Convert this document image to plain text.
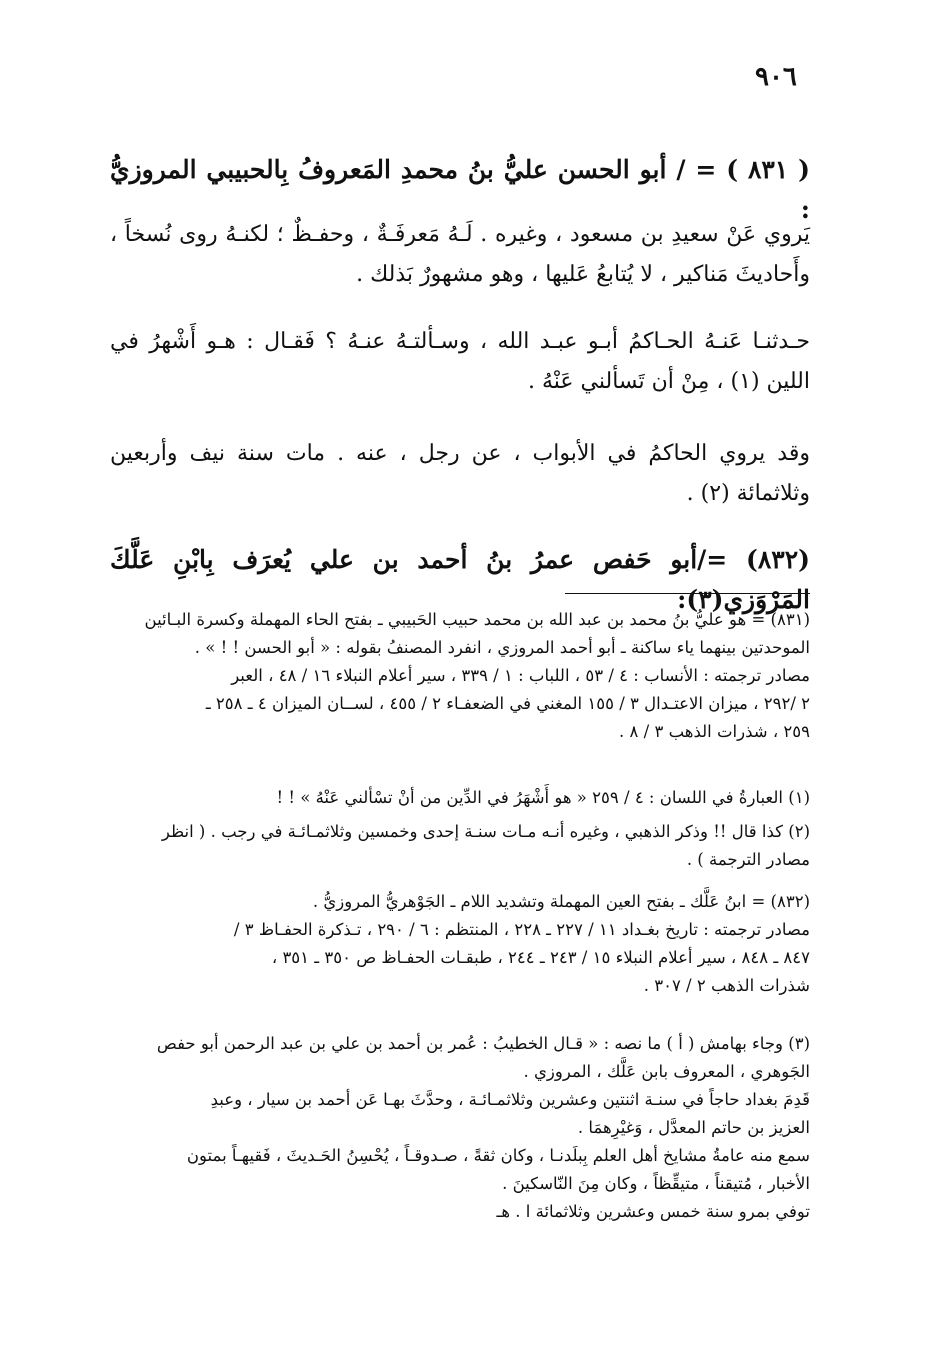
٩٠٦
( ٨٣١ ) = / أبو الحسن عليُّ بنُ محمدِ المَعروفُ بِالحبيبي المروزيُّ :
يَروي عَنْ سعيدِ بن مسعود ، وغيره . لَـهُ مَعرفَـةٌ ، وحفـظٌ ؛ لكنـهُ روى نُسخاً ، وأَحاديثَ مَناكير ، لا يُتابعُ عَليها ، وهو مشهورٌ بَذلك .
حـدثنـا عَنـهُ الحـاكمُ أبـو عبـد الله ، وسـألتـهُ عنـهُ ؟ فَقـال : هـو أَشْهرُ في اللين (١) ، مِنْ أن تَسألني عَنْهُ .
وقد يروي الحاكمُ في الأبواب ، عن رجل ، عنه . مات سنة نيف وأربعين وثلاثمائة (٢) .
(٨٣٢) =/أبو حَفص عمرُ بنُ أحمد بن علي يُعرَف بِابْنِ عَلَّكَ المَرْوَزي(٣):
(٨٣١) = هو عليُّ بنُ محمد بن عبد الله بن محمد حبيب الحَبيبي ـ بفتح الحاء المهملة وكسرة البـائين
الموحدتين بينهما ياء ساكنة ـ أبو أحمد المروزي ، انفرد المصنفُ بقوله : « أبو الحسن ! ! » .
مصادر ترجمته : الأنساب : ٤ / ٥٣ ، اللباب : ١ / ٣٣٩ ، سير أعلام النبلاء ١٦ / ٤٨ ، العبر
٢ /٢٩٢ ، ميزان الاعتـدال ٣ / ١٥٥ المغني في الضعفـاء ٢ / ٤٥٥ ، لســان الميزان ٤ ـ ٢٥٨ ـ
٢٥٩ ، شذرات الذهب ٣ / ٨ .
(١) العبارةُ في اللسان : ٤ / ٢٥٩ « هو أَشْهَرُ في الدِّين من أنْ تسْألني عَنْهُ » ! !
(٢) كذا قال !! وذكر الذهبي ، وغيره أنـه مـات سنـة إحدى وخمسين وثلاثمـائـة في رجب . ( انظر
مصادر الترجمة ) .
(٨٣٢) = ابنُ عَلَّك ـ بفتح العين المهملة وتشديد اللام ـ الجَوْهريُّ المروزيُّ .
مصادر ترجمته : تاريخ بغـداد ١١ / ٢٢٧ ـ ٢٢٨ ، المنتظم : ٦ / ٢٩٠ ، تـذكرة الحفـاظ ٣ /
٨٤٧ ـ ٨٤٨ ، سير أعلام النبلاء ١٥ / ٢٤٣ ـ ٢٤٤ ، طبقـات الحفـاظ ص ٣٥٠ ـ ٣٥١ ،
شذرات الذهب ٢ / ٣٠٧ .
(٣) وجاء بهامش ( أ ) ما نصه : « قـال الخطيبُ : عُمر بن أحمد بن علي بن عبد الرحمن أبو حفص
الجَوهري ، المعروف بابن عَلَّك ، المروزي .
قَدِمَ بغداد حاجاً في سنـة اثنتين وعشرين وثلاثمـائـة ، وحدَّثَ بهـا عَن أحمد بن سيار ، وعبدِ
العزيز بن حاتم المعدَّل ، وَغيْرِهمَا .
سمع منه عامةُ مشايخ أهل العلم بِبلَدنـا ، وكان ثقةً ، صـدوقـاً ، يُحْسِنُ الحَـديثَ ، فَقيهـاً بمتون
الأخبار ، مُتيقناً ، متيقِّظاً ، وكان مِنَ النّاسكينَ .
توفي بمرو سنة خمس وعشرين وثلاثمائة ا . هـ
